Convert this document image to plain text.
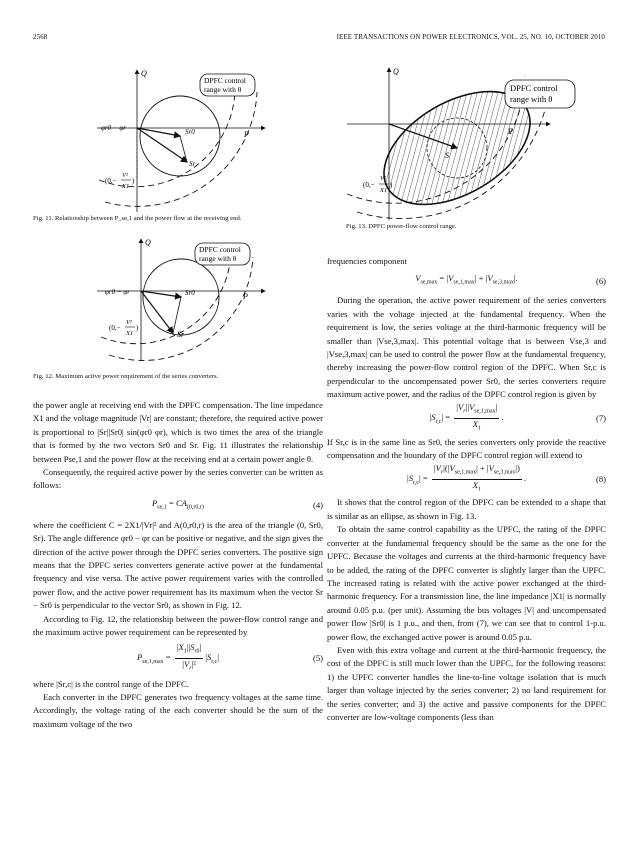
2568	IEEE TRANSACTIONS ON POWER ELECTRONICS, VOL. 25, NO. 10, OCTOBER 2010
Q
P
DPFC control
range with θ
φr0 − φr	Sr0
Sr
(0,−
V²
X1
)
Fig. 11. Relationship between P_se,1 and the power flow at the receiving end.
Q
P
DPFC control
range with θ
φr0 − φr	Sr0
Sr
(0,−
V²
X1
)
Fig. 12. Maximum active power requirement of the series converters.
Q
DPFC control
range with θ
S
(0,−
V²
X1
)
Fig. 13. DPFC power-flow control range.

the power angle at receiving end with the DPFC compensation. The line impedance X1 and the voltage magnitude |Vr| are constant; therefore, the required active power is proportional to |Sr||Sr0| sin(φr0 φr), which is two times the area of the triangle that is formed by the two vectors Sr0 and Sr. Fig. 11 illustrates the relationship between Pse,1 and the power flow at the receiving end at a certain power angle θ.

Consequently, the required active power by the series converter can be written as follows:

$P_{se,1} = CA_{(0,r0,r)}$	(4)

where the coefficient C = 2X1/|Vr|² and A(0,r0,r) is the area of the triangle (0, Sr0, Sr). The angle difference φr0 − φr can be positive or negative, and the sign gives the direction of the active power through the DPFC series converters. The positive sign means that the DPFC series converters generate active power at the fundamental frequency and vise versa. The active power requirement varies with the controlled power flow, and the active power requirement has its maximum when the vector Sr − Sr0 is perpendicular to the vector Sr0, as shown in Fig. 12.

According to Fig. 12, the relationship between the power-flow control range and the maximum active power requirement can be represented by

$P_{se,1,max} = \frac{|X_1||S_{r0}|}{|V_r|^2} |S_{r,c}|$	(5)

where |Sr,c| is the control range of the DPFC.

Each converter in the DPFC generates two frequency voltages at the same time. Accordingly, the voltage rating of the each converter should be the sum of the maximum voltage of the two

frequencies component

$V_{se,max} = |V_{se,1,max}| + |V_{se,3,max}|$.	(6)

During the operation, the active power requirement of the series converters varies with the voltage injected at the fundamental frequency. When the requirement is low, the series voltage at the third-harmonic frequency will be smaller than |Vse,3,max|. This potential voltage that is between Vse,3 and |Vse,3,max| can be used to control the power flow at the fundamental frequency, thereby increasing the power-flow control region of the DPFC. When Sr,c is perpendicular to the uncompensated power Sr0, the series converters require maximum active power, and the radius of the DPFC control region is given by

$|S_{r,c}| = \frac{|V_r||V_{se,1,max}|}{X_1}$ .	(7)

If Sr,c is in the same line as Sr0, the series converters only provide the reactive compensation and the boundary of the DPFC control region will extend to

$|S_{r,c}| = \frac{|V_r|(|V_{se,1,max}| + |V_{se,3,max}|)}{X_1}$ .	(8)

It shows that the control region of the DPFC can be extended to a shape that is similar as an ellipse, as shown in Fig. 13.

To obtain the same control capability as the UPFC, the rating of the DPFC converter at the fundamental frequency should be the same as the one for the UPFC. Because the voltages and currents at the third-harmonic frequency have to be added, the rating of the DPFC converter is slightly larger than the UPFC. The increased rating is related with the active power exchanged at the third-harmonic frequency. For a transmission line, the line impedance |X1| is normally around 0.05 p.u. (per unit). Assuming the bus voltages |V| and uncompensated power flow |Sr0| is 1 p.u., and then, from (7), we can see that to control 1-p.u. power flow, the exchanged active power is around 0.05 p.u.

Even with this extra voltage and current at the third-harmonic frequency, the cost of the DPFC is still much lower than the UPFC, for the following reasons: 1) the UPFC converter handles the line-to-line voltage isolation that is much larger than voltage injected by the series converter; 2) no land requirement for the series converter; and 3) the active and passive components for the DPFC converter are low-voltage components (less than
